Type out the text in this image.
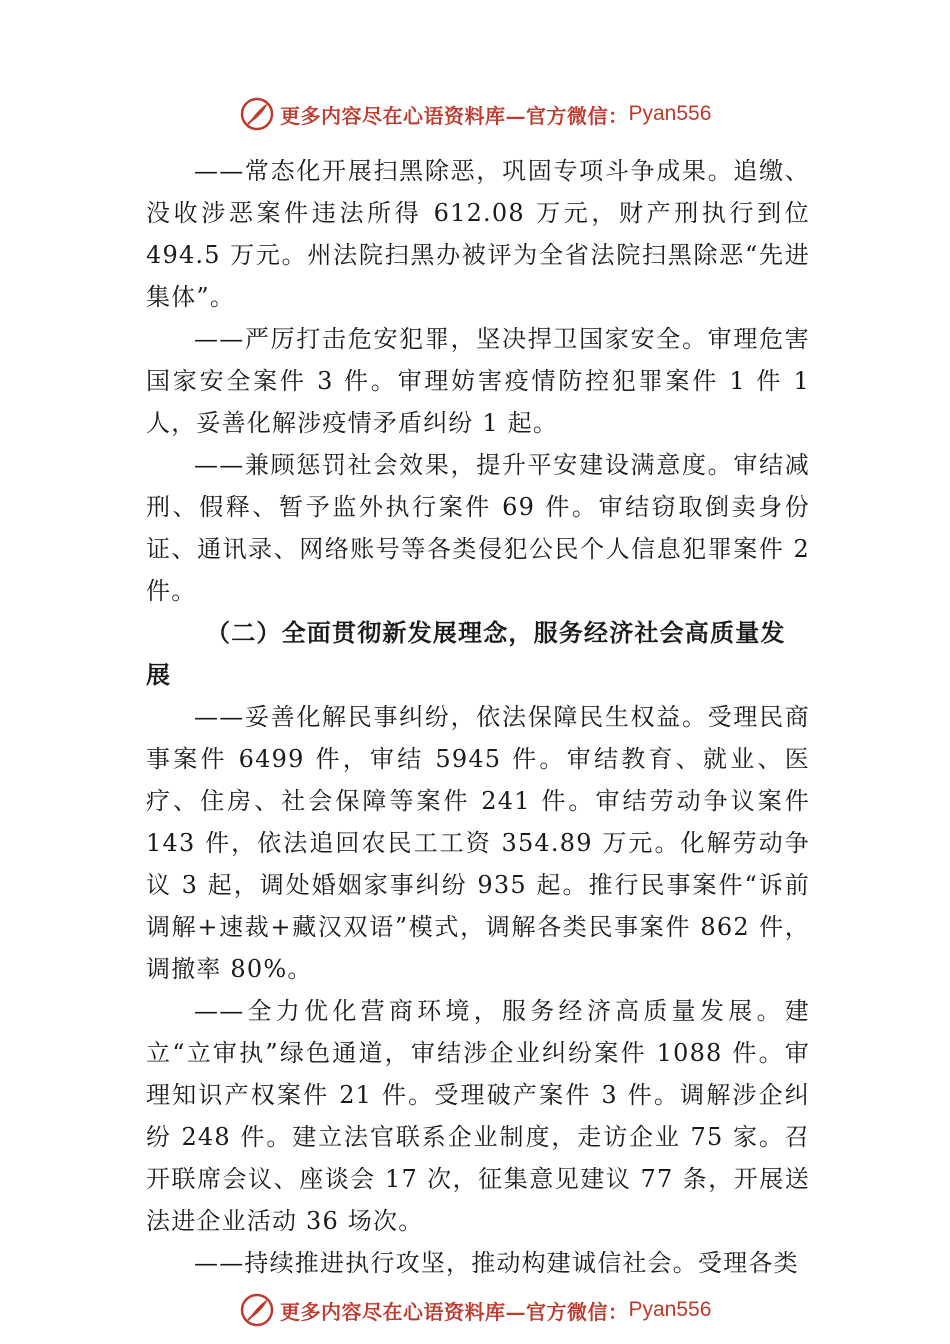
更多内容尽在心语资料库—官方微信： Pyan556

——常态化开展扫黑除恶，巩固专项斗争成果。追缴、没收涉恶案件违法所得 612.08 万元，财产刑执行到位 494.5 万元。州法院扫黑办被评为全省法院扫黑除恶“先进集体”。

——严厉打击危安犯罪，坚决捍卫国家安全。审理危害国家安全案件 3 件。审理妨害疫情防控犯罪案件 1 件 1 人，妥善化解涉疫情矛盾纠纷 1 起。

——兼顾惩罚社会效果，提升平安建设满意度。审结减刑、假释、暂予监外执行案件 69 件。审结窃取倒卖身份证、通讯录、网络账号等各类侵犯公民个人信息犯罪案件 2 件。

（二）全面贯彻新发展理念，服务经济社会高质量发展

——妥善化解民事纠纷，依法保障民生权益。受理民商事案件 6499 件，审结 5945 件。审结教育、就业、医疗、住房、社会保障等案件 241 件。审结劳动争议案件 143 件，依法追回农民工工资 354.89 万元。化解劳动争议 3 起，调处婚姻家事纠纷 935 起。推行民事案件“诉前调解+速裁+藏汉双语”模式，调解各类民事案件 862 件，调撤率 80%。

——全力优化营商环境，服务经济高质量发展。建立“立审执”绿色通道，审结涉企业纠纷案件 1088 件。审理知识产权案件 21 件。受理破产案件 3 件。调解涉企纠纷 248 件。建立法官联系企业制度，走访企业 75 家。召开联席会议、座谈会 17 次，征集意见建议 77 条，开展送法进企业活动 36 场次。

——持续推进执行攻坚，推动构建诚信社会。受理各类

更多内容尽在心语资料库—官方微信： Pyan556
